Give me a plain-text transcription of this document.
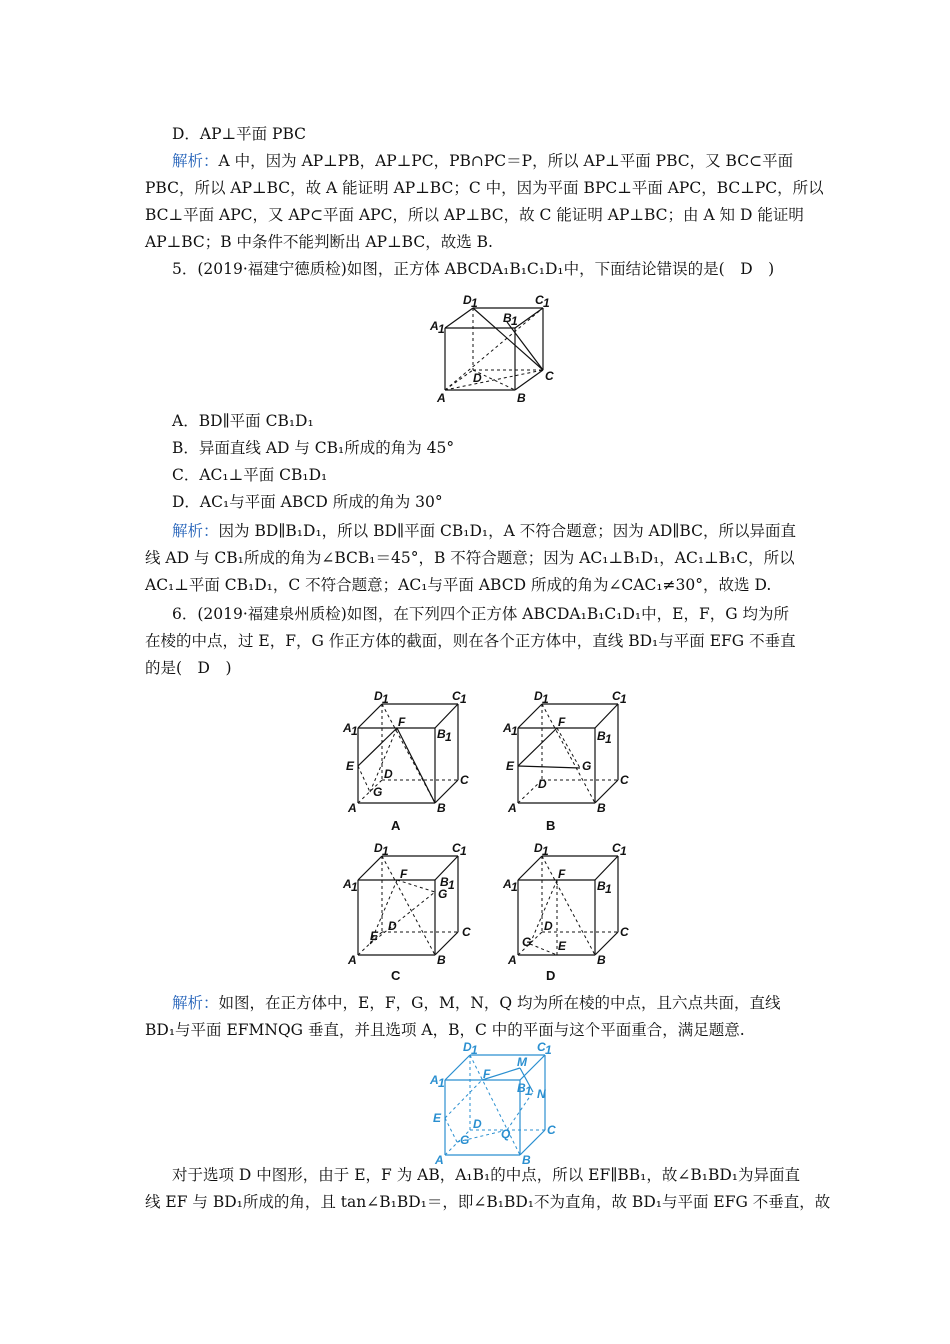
D．AP⊥平面 PBC
解析：A 中，因为 AP⊥PB，AP⊥PC，PB∩PC＝P，所以 AP⊥平面 PBC，又 BC⊂平面
PBC，所以 AP⊥BC，故 A 能证明 AP⊥BC；C 中，因为平面 BPC⊥平面 APC，BC⊥PC，所以
BC⊥平面 APC，又 AP⊂平面 APC，所以 AP⊥BC，故 C 能证明 AP⊥BC；由 A 知 D 能证明
AP⊥BC；B 中条件不能判断出 AP⊥BC，故选 B.
5．(2019·福建宁德质检)如图，正方体 ABCDA₁B₁C₁D₁中，下面结论错误的是(　D　)
D 1	C 1
A 1
B 1
D	C
A	B
A．BD∥平面 CB₁D₁
B．异面直线 AD 与 CB₁所成的角为 45°
C．AC₁⊥平面 CB₁D₁
D．AC₁与平面 ABCD 所成的角为 30°
解析：因为 BD∥B₁D₁，所以 BD∥平面 CB₁D₁，A 不符合题意；因为 AD∥BC，所以异面直
线 AD 与 CB₁所成的角为∠BCB₁＝45°，B 不符合题意；因为 AC₁⊥B₁D₁，AC₁⊥B₁C，所以
AC₁⊥平面 CB₁D₁，C 不符合题意；AC₁与平面 ABCD 所成的角为∠CAC₁≠30°，故选 D.
6．(2019·福建泉州质检)如图，在下列四个正方体 ABCDA₁B₁C₁D₁中，E，F，G 均为所
在棱的中点，过 E，F，G 作正方体的截面，则在各个正方体中，直线 BD₁与平面 EFG 不垂直
的是(　D　)
D 1	C 1
A 1	B 1
F
E
D	C
G
A	B
A
D 1	C 1
A 1	B 1
F
E	G
D	C
A	B
B
D 1	C 1
A 1	B 1
F
G
D
E	C
A	B
C
D 1	C 1
A 1	B 1
F
D
G E
C
A	B
D
解析：如图，在正方体中，E，F，G，M，N，Q 均为所在棱的中点，且六点共面，直线
BD₁与平面 EFMNQG 垂直，并且选项 A，B，C 中的平面与这个平面重合，满足题意.
D 1	C 1
A 1	B 1
F
M
N
E	D
Q
G
C
A	B
对于选项 D 中图形，由于 E，F 为 AB，A₁B₁的中点，所以 EF∥BB₁，故∠B₁BD₁为异面直
线 EF 与 BD₁所成的角，且 tan∠B₁BD₁＝，即∠B₁BD₁不为直角，故 BD₁与平面 EFG 不垂直，故
